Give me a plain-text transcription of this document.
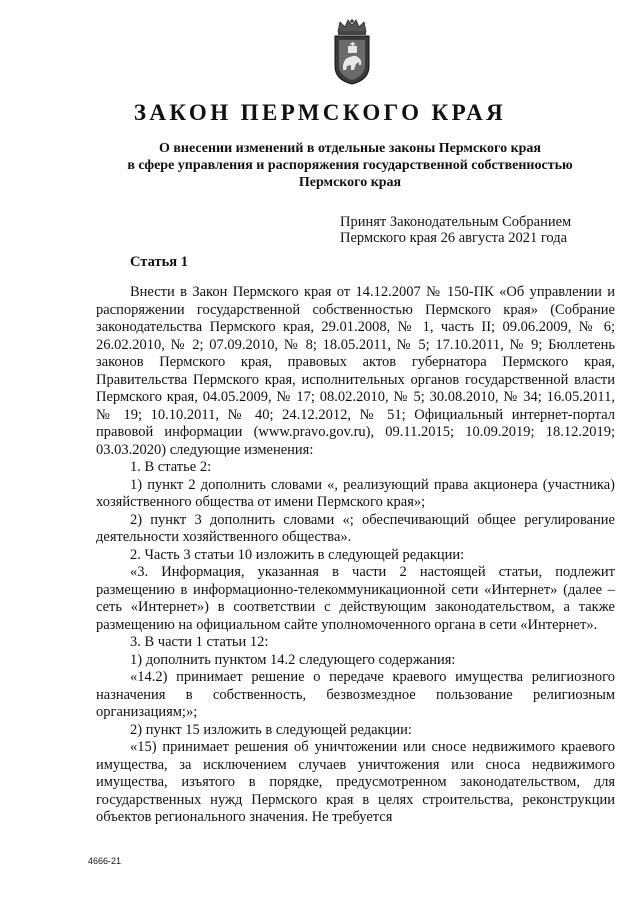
ЗАКОН ПЕРМСКОГО КРАЯ
О внесении изменений в отдельные законы Пермского края
в сфере управления и распоряжения государственной собственностью
Пермского края
Принят Законодательным Собранием
Пермского края 26 августа 2021 года
Статья 1

Внести в Закон Пермского края от 14.12.2007 № 150-ПК «Об управлении и распоряжении государственной собственностью Пермского края» (Собрание законодательства Пермского края, 29.01.2008, № 1, часть II; 09.06.2009, № 6; 26.02.2010, № 2; 07.09.2010, № 8; 18.05.2011, № 5; 17.10.2011, № 9; Бюллетень законов Пермского края, правовых актов губернатора Пермского края, Правительства Пермского края, исполнительных органов государственной власти Пермского края, 04.05.2009, № 17; 08.02.2010, № 5; 30.08.2010, № 34; 16.05.2011, № 19; 10.10.2011, № 40; 24.12.2012, № 51; Официальный интернет-портал правовой информации (www.pravo.gov.ru), 09.11.2015; 10.09.2019; 18.12.2019; 03.03.2020) следующие изменения:

1. В статье 2:

1) пункт 2 дополнить словами «, реализующий права акционера (участника) хозяйственного общества от имени Пермского края»;

2) пункт 3 дополнить словами «; обеспечивающий общее регулирование деятельности хозяйственного общества».

2. Часть 3 статьи 10 изложить в следующей редакции:

«3. Информация, указанная в части 2 настоящей статьи, подлежит размещению в информационно-телекоммуникационной сети «Интернет» (далее – сеть «Интернет») в соответствии с действующим законодательством, а также размещению на официальном сайте уполномоченного органа в сети «Интернет».

3. В части 1 статьи 12:

1) дополнить пунктом 14.2 следующего содержания:

«14.2) принимает решение о передаче краевого имущества религиозного назначения в собственность, безвозмездное пользование религиозным организациям;»;

2) пункт 15 изложить в следующей редакции:

«15) принимает решения об уничтожении или сносе недвижимого краевого имущества, за исключением случаев уничтожения или сноса недвижимого имущества, изъятого в порядке, предусмотренном законодательством, для государственных нужд Пермского края в целях строительства, реконструкции объектов регионального значения. Не требуется

4666-21
